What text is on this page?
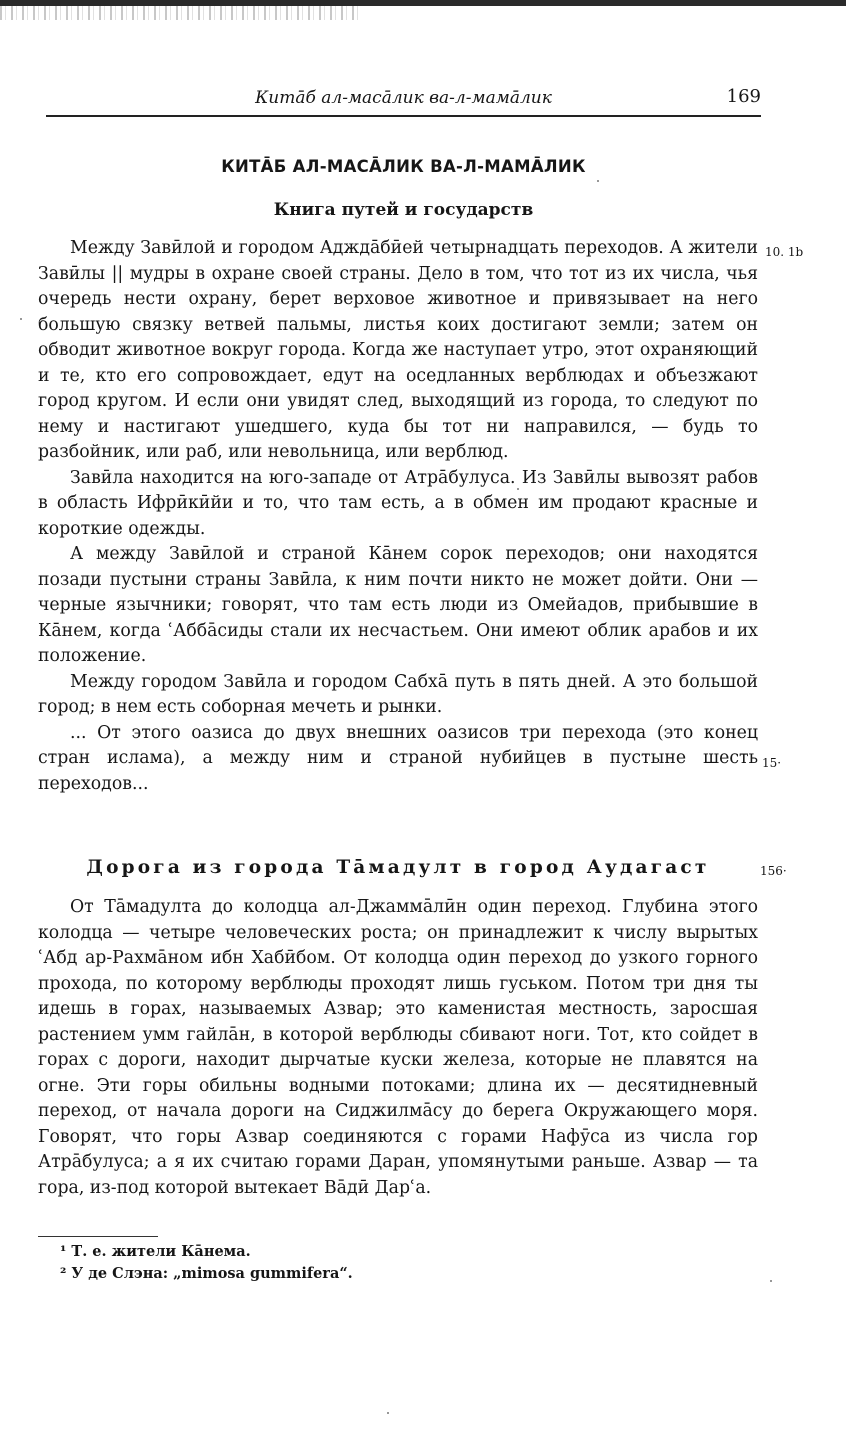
Китāб ал-масāлик ва-л-мамāлик	169
КИТĀБ АЛ-МАСĀЛИК ВА-Л-МАМĀЛИК
Книга путей и государств

Между Завӣлой и городом Аджда̄бӣей четырнадцать переходов. А жители Завӣлы || мудры в охране своей страны. Дело в том, что тот из их числа, чья очередь нести охрану, берет верховое животное и привязывает на него большую связку ветвей пальмы, листья коих достигают земли; затем он обводит животное вокруг города. Когда же наступает утро, этот охраняющий и те, кто его сопровождает, едут на оседланных верблюдах и объезжают город кругом. И если они увидят след, выходящий из города, то следуют по нему и настигают ушедшего, куда бы тот ни направился, — будь то разбойник, или раб, или невольница, или верблюд.

Завӣла находится на юго-западе от Атра̄булуса. Из Завӣлы вывозят рабов в область Ифрӣкӣйи и то, что там есть, а в обмен им продают красные и короткие одежды.

А между Завӣлой и страной Ка̄нем сорок переходов; они находятся позади пустыни страны Завӣла, к ним почти никто не может дойти. Они — черные язычники; говорят, что там есть люди из Омейадов, прибывшие в Ка̄нем, когда ʿАббāсиды стали их несчастьем. Они имеют облик арабов и их положение.

Между городом Завӣла и городом Сабха̄ путь в пять дней. А это большой город; в нем есть соборная мечеть и рынки.

... От этого оазиса до двух внешних оазисов три перехода (это конец стран ислама), а между ним и страной нубийцев в пустыне шесть переходов...

10. 1b
15·
Дорога из города Тāмадулт в город Аудагаст	156·

От Тāмадулта до колодца ал-Джаммāлӣн один переход. Глубина этого колодца — четыре человеческих роста; он принадлежит к числу вырытых ʿАбд ар-Рахмāном ибн Хабӣбом. От колодца один переход до узкого горного прохода, по которому верблюды проходят лишь гуськом. Потом три дня ты идешь в горах, называемых Азвар; это каменистая местность, заросшая растением умм гайлāн, в которой верблюды сбивают ноги. Тот, кто сойдет в горах с дороги, находит дырчатые куски железа, которые не плавятся на огне. Эти горы обильны водными потоками; длина их — десятидневный переход, от начала дороги на Сиджилмāсу до берега Окружающего моря. Говорят, что горы Азвар соединяются с горами Нафӯса из числа гор Атрāбулуса; а я их считаю горами Даран, упомянутыми раньше. Азвар — та гора, из-под которой вытекает Вāдӣ Дарʿа.

¹ Т. е. жители Кāнема.
² У де Слэна: „mimosa gummifera“.
